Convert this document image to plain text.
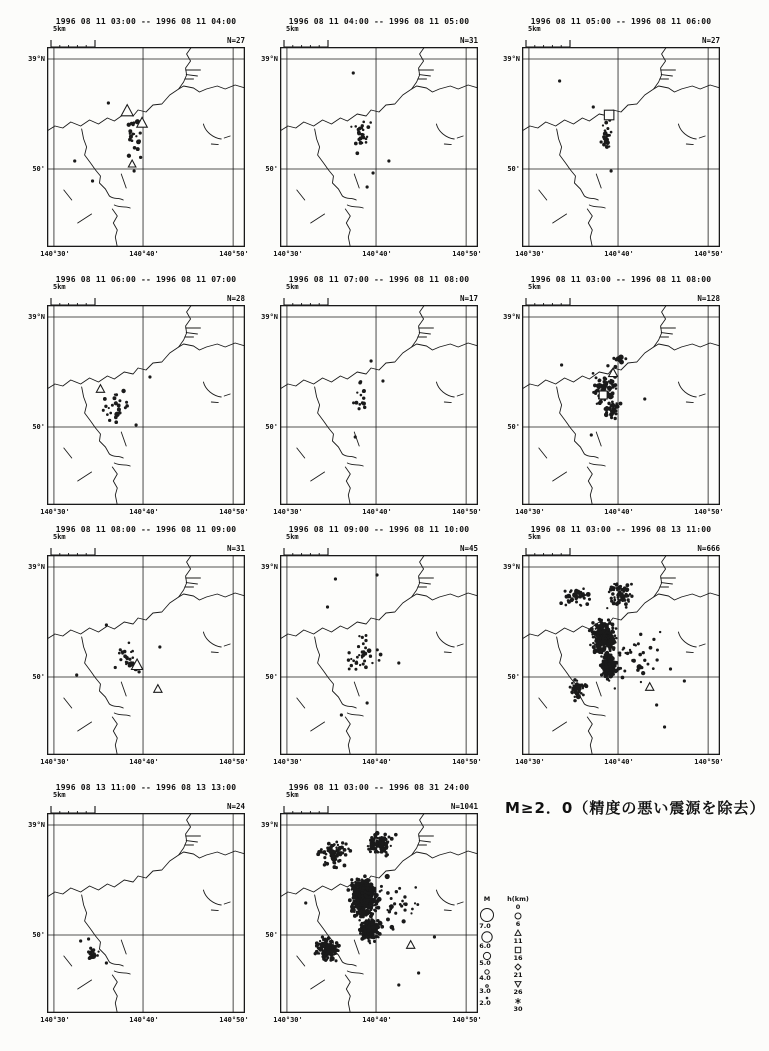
M≥2．0（精度の悪い震源を除去）
M	h(km)
7.0
6.0
5.0
4.0
3.0
2.0
0
6
11
16
21
26
30
1996 08 11 03:00 -- 1996 08 11 04:00
5km
N=27
39°N
50'
140°30'	140°40'	140°50'
1996 08 11 04:00 -- 1996 08 11 05:00
5km
N=31
39°N
50'
140°30'	140°40'	140°50'
1996 08 11 05:00 -- 1996 08 11 06:00
5km
N=27
39°N
50'
140°30'	140°40'	140°50'
1996 08 11 06:00 -- 1996 08 11 07:00
5km
N=28
39°N
50'
140°30'	140°40'	140°50'
1996 08 11 07:00 -- 1996 08 11 08:00
5km
N=17
39°N
50'
140°30'	140°40'	140°50'
1996 08 11 03:00 -- 1996 08 11 08:00
5km
N=128
39°N
50'
140°30'	140°40'	140°50'
1996 08 11 08:00 -- 1996 08 11 09:00
5km
N=31
39°N
50'
140°30'	140°40'	140°50'
1996 08 11 09:00 -- 1996 08 11 10:00
5km
N=45
39°N
50'
140°30'	140°40'	140°50'
1996 08 11 03:00 -- 1996 08 13 11:00
5km
N=666
39°N
50'
140°30'	140°40'	140°50'
1996 08 13 11:00 -- 1996 08 13 13:00
5km
N=24
39°N
50'
140°30'	140°40'	140°50'
1996 08 11 03:00 -- 1996 08 31 24:00
5km
N=1041
39°N
50'
140°30'	140°40'	140°50'
